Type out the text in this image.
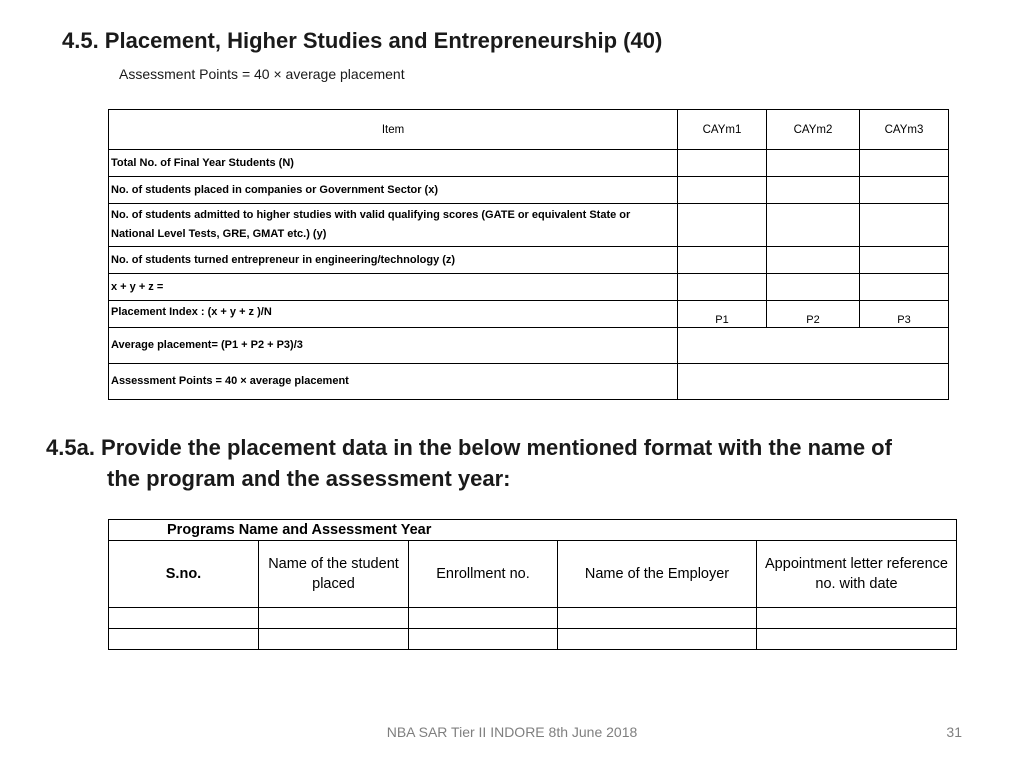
4.5. Placement, Higher Studies and Entrepreneurship (40)
Assessment Points = 40 × average placement
Item	CAYm1	CAYm2	CAYm3
Total No. of Final Year Students (N)			
No. of students placed in companies or Government Sector (x)			
No. of students admitted to higher studies with valid qualifying scores (GATE or equivalent State or National Level Tests, GRE, GMAT etc.) (y)			
No. of students turned entrepreneur in engineering/technology (z)			
x + y + z =			
Placement Index : (x + y + z )/N	P1	P2	P3
Average placement= (P1 + P2 + P3)/3			
Assessment Points = 40 × average placement			
4.5a. Provide the placement data in the below mentioned format with the name of
the program and the assessment year:
Programs Name and Assessment Year				
S.no.	Name of the student placed	Enrollment no.	Name of the Employer	Appointment letter reference no. with date

NBA SAR Tier II INDORE 8th June 2018	31
